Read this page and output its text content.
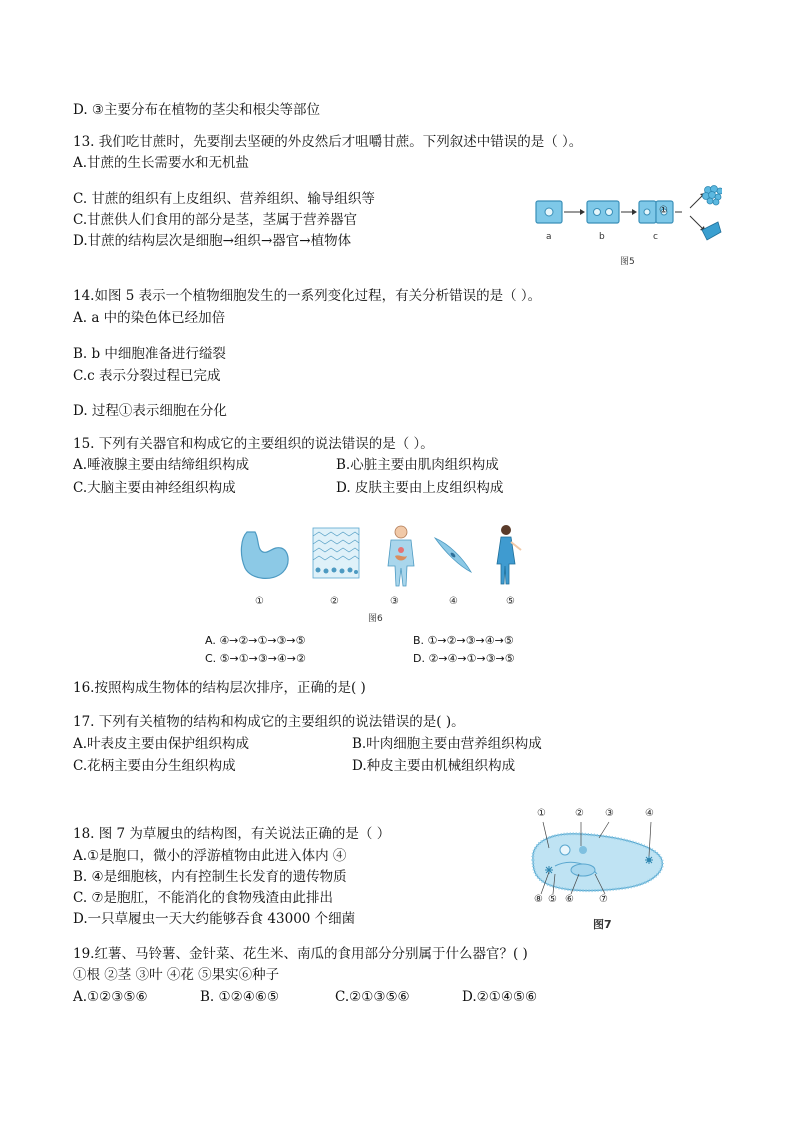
D. ③主要分布在植物的茎尖和根尖等部位
13. 我们吃甘蔗时，先要削去坚硬的外皮然后才咀嚼甘蔗。下列叙述中错误的是（ ）。
A.甘蔗的生长需要水和无机盐
C. 甘蔗的组织有上皮组织、营养组织、输导组织等
C.甘蔗供人们食用的部分是茎，茎属于营养器官
D.甘蔗的结构层次是细胞→组织→器官→植物体
①
a	b	c
图5
14.如图 5 表示一个植物细胞发生的一系列变化过程，有关分析错误的是（ ）。
A. a 中的染色体已经加倍
B. b 中细胞准备进行缢裂
C.c 表示分裂过程已完成
D. 过程①表示细胞在分化
15. 下列有关器官和构成它的主要组织的说法错误的是（ ）。
A.唾液腺主要由结缔组织构成	B.心脏主要由肌肉组织构成
C.大脑主要由神经组织构成	D. 皮肤主要由上皮组织构成
①	②	③	④	⑤
图6
A. ④→②→①→③→⑤	B. ①→②→③→④→⑤
C. ⑤→①→③→④→②	D. ②→④→①→③→⑤
16.按照构成生物体的结构层次排序，正确的是( )
17. 下列有关植物的结构和构成它的主要组织的说法错误的是( )。
A.叶表皮主要由保护组织构成	B.叶肉细胞主要由营养组织构成
C.花柄主要由分生组织构成	D.种皮主要由机械组织构成
18. 图 7 为草履虫的结构图，有关说法正确的是（ ）
A.①是胞口，微小的浮游植物由此进入体内 ④
B. ④是细胞核，内有控制生长发育的遗传物质
C. ⑦是胞肛，不能消化的食物残渣由此排出
D.一只草履虫一天大约能够吞食 43000 个细菌
①	② ③	④
⑧ ⑤ ⑥	⑦
图7
19.红薯、马铃薯、金针菜、花生米、南瓜的食用部分分别属于什么器官？( )
①根 ②茎 ③叶 ④花 ⑤果实⑥种子
A.①②③⑤⑥	B. ①②④⑥⑤	C.②①③⑤⑥	D.②①④⑤⑥
